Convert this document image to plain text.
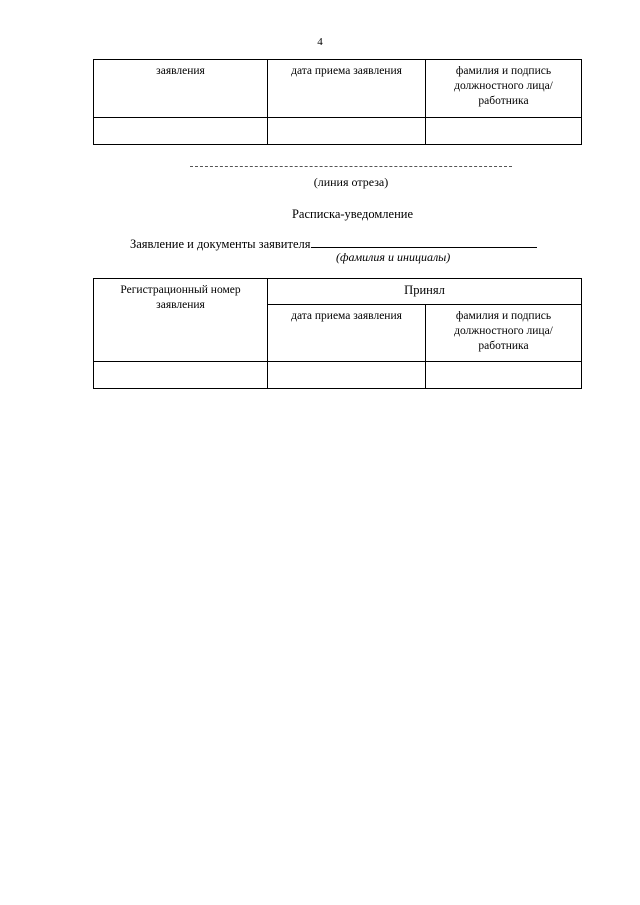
4
заявления	дата приема заявления	фамилия и подпись должностного лица/работника

(линия отреза)
Расписка-уведомление
Заявление и документы заявителя
(фамилия и инициалы)
Регистрационный номер заявления	Принял	
	дата приема заявления	фамилия и подпись должностного лица/работника
